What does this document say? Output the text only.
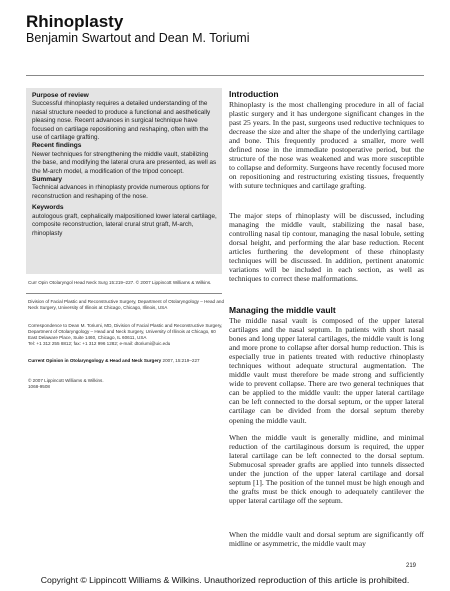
Rhinoplasty
Benjamin Swartout and Dean M. Toriumi
Purpose of review

Successful rhinoplasty requires a detailed understanding of the nasal structure needed to produce a functional and aesthetically pleasing nose. Recent advances in surgical technique have focused on cartilage repositioning and reshaping, often with the use of cartilage grafting.

Recent findings

Newer techniques for strengthening the middle vault, stabilizing the base, and modifying the lateral crura are presented, as well as the M-arch model, a modification of the tripod concept.

Summary

Technical advances in rhinoplasty provide numerous options for reconstruction and reshaping of the nose.

Keywords

autologous graft, cephalically malpositioned lower lateral cartilage, composite reconstruction, lateral crural strut graft, M-arch, rhinoplasty

Curr Opin Otolaryngol Head Neck Surg 15:219–227. © 2007 Lippincott Williams & Wilkins.
Division of Facial Plastic and Reconstructive Surgery, Department of Otolaryngology – Head and Neck Surgery, University of Illinois at Chicago, Chicago, Illinois, USA
Correspondence to Dean M. Toriumi, MD, Division of Facial Plastic and Reconstructive Surgery, Department of Otolaryngology – Head and Neck Surgery, University of Illinois at Chicago, 60 East Delaware Place, Suite 1460, Chicago, IL 60611, USA
Tel: +1 312 255 8812; fax: +1 312 996 1282; e-mail: dtoriumi@uic.edu
Current Opinion in Otolaryngology & Head and Neck Surgery 2007, 15:219–227
© 2007 Lippincott Williams & Wilkins.
1068-9508
Introduction
Rhinoplasty is the most challenging procedure in all of facial plastic surgery and it has undergone significant changes in the past 25 years. In the past, surgeons used reductive techniques to decrease the size and alter the shape of the underlying cartilage and bone. This frequently produced a smaller, more well defined nose in the immediate postoperative period, but the structure of the nose was weakened and was more susceptible to collapse and deformity. Surgeons have recently focused more on repositioning and restructuring existing tissues, frequently with suture techniques and cartilage grafting.
The major steps of rhinoplasty will be discussed, including managing the middle vault, stabilizing the nasal base, controlling nasal tip contour, managing the nasal lobule, setting dorsal height, and performing the alar base reduction. Recent articles furthering the development of these rhinoplasty techniques will be discussed. In addition, pertinent anatomic variations will be included in each section, as well as techniques to correct these malformations.
Managing the middle vault
The middle nasal vault is composed of the upper lateral cartilages and the nasal septum. In patients with short nasal bones and long upper lateral cartilages, the middle vault is long and more prone to collapse after dorsal hump reduction. This is especially true in patients treated with reductive rhinoplasty techniques without adequate structural augmentation. The middle vault must therefore be made strong and sufficiently wide to prevent collapse. There are two general techniques that can be applied to the middle vault: the upper lateral cartilage can be left connected to the dorsal septum, or the upper lateral cartilage can be divided from the dorsal septum thereby opening the middle vault.
When the middle vault is generally midline, and minimal reduction of the cartilaginous dorsum is required, the upper lateral cartilage can be left connected to the dorsal septum. Submucosal spreader grafts are applied into tunnels dissected under the junction of the upper lateral cartilage and dorsal septum [1]. The position of the tunnel must be high enough and the grafts must be thick enough to adequately cantilever the upper lateral cartilage off the septum.
When the middle vault and dorsal septum are significantly off midline or asymmetric, the middle vault may
219
Copyright © Lippincott Williams & Wilkins. Unauthorized reproduction of this article is prohibited.
